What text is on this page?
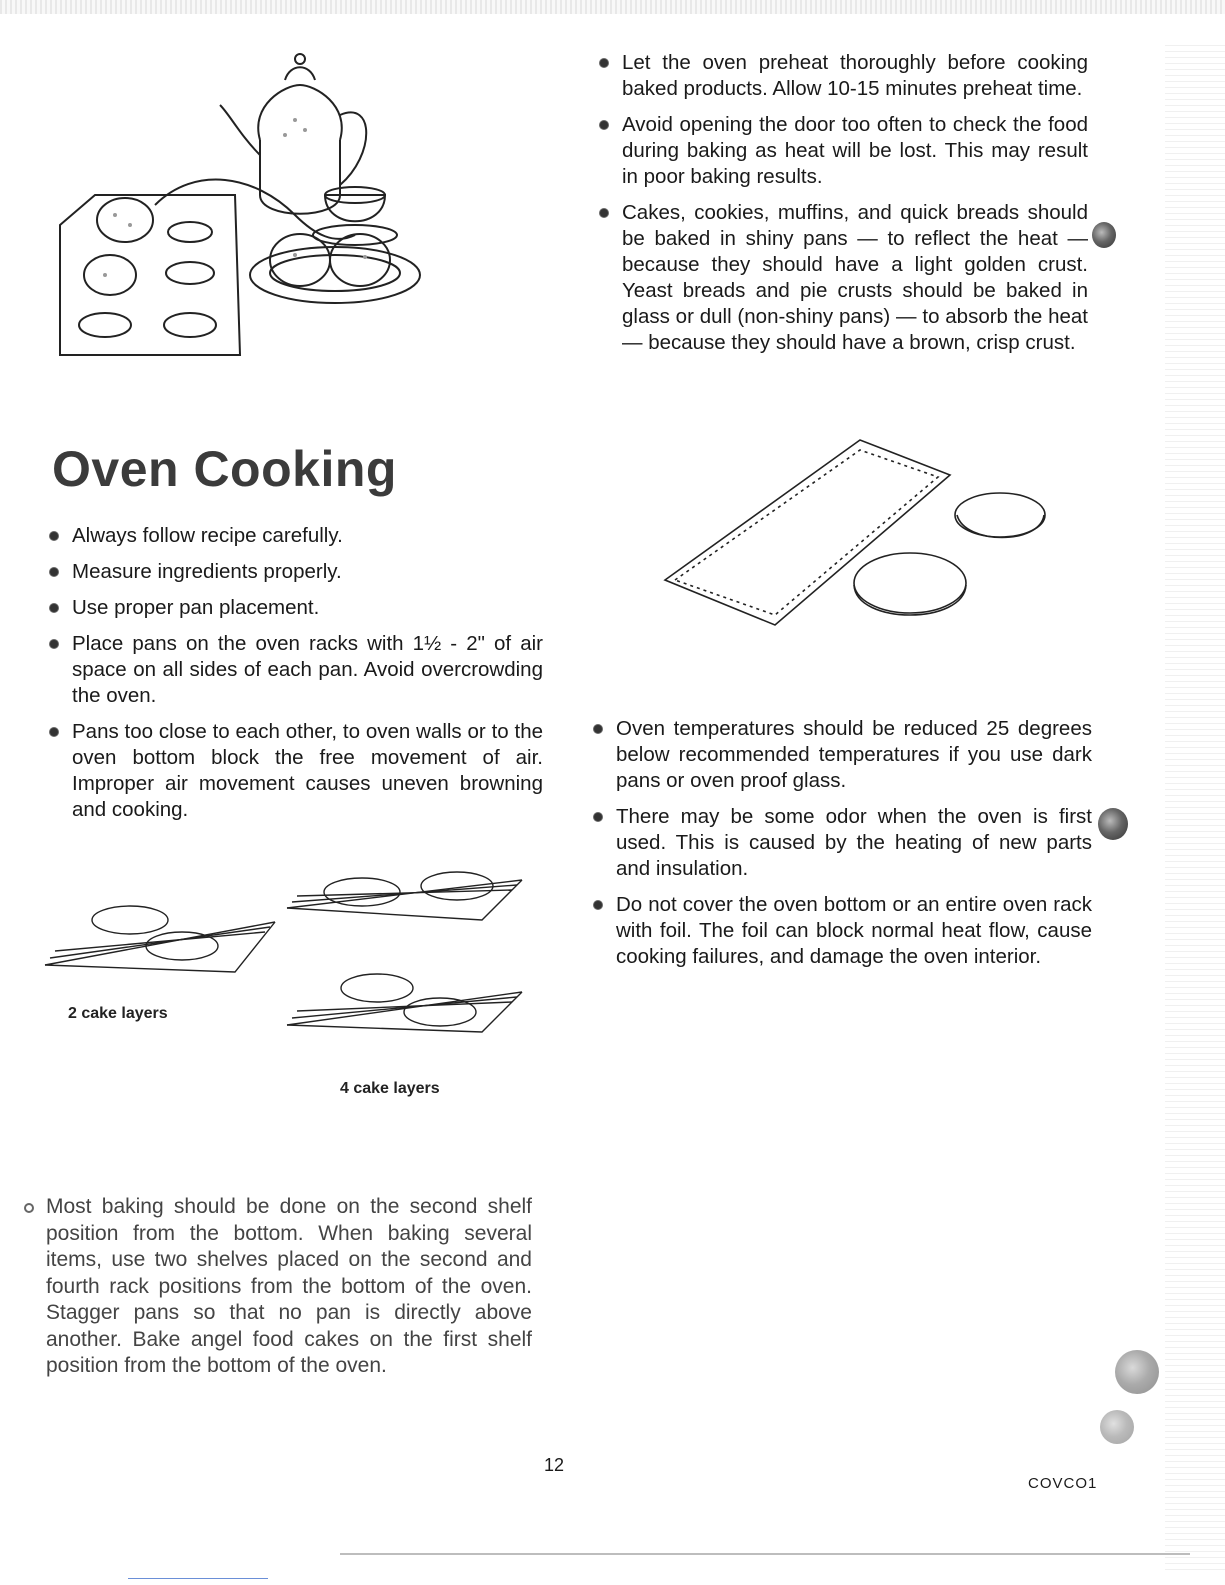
Let the oven preheat thoroughly before cooking baked products. Allow 10-15 minutes preheat time.
Avoid opening the door too often to check the food during baking as heat will be lost. This may result in poor baking results.
Cakes, cookies, muffins, and quick breads should be baked in shiny pans — to reflect the heat — because they should have a light golden crust. Yeast breads and pie crusts should be baked in glass or dull (non-shiny pans) — to absorb the heat — because they should have a brown, crisp crust.
Oven Cooking
Always follow recipe carefully.
Measure ingredients properly.
Use proper pan placement.
Place pans on the oven racks with 1½ - 2" of air space on all sides of each pan. Avoid overcrowding the oven.
Pans too close to each other, to oven walls or to the oven bottom block the free movement of air. Improper air movement causes uneven browning and cooking.
Oven temperatures should be reduced 25 degrees below recommended temperatures if you use dark pans or oven proof glass.
There may be some odor when the oven is first used. This is caused by the heating of new parts and insulation.
Do not cover the oven bottom or an entire oven rack with foil. The foil can block normal heat flow, cause cooking failures, and damage the oven interior.
2 cake layers
4 cake layers
Most baking should be done on the second shelf position from the bottom. When baking several items, use two shelves placed on the second and fourth rack positions from the bottom of the oven. Stagger pans so that no pan is directly above another. Bake angel food cakes on the first shelf position from the bottom of the oven.
12
COVCO1
